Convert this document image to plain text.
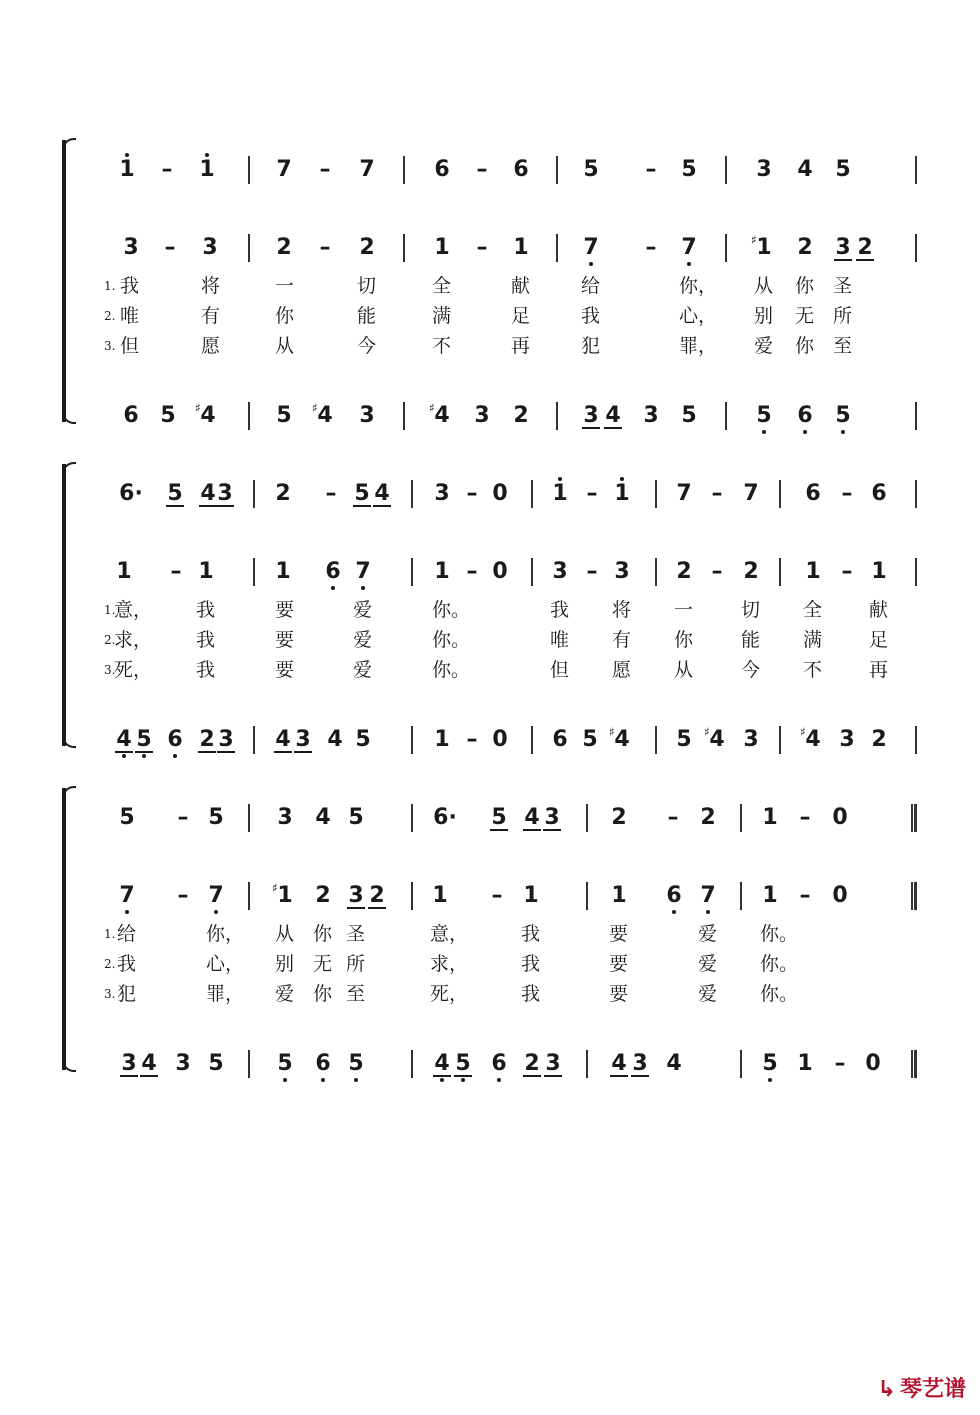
1	–	1	7	–	7	6	–	6 5	–	5	3 4 5
3	–	3	2	–	2	1	–	1 7	–	7	1 2 3 2
1. 我	将	一	切	全	献	给	你， 从 你 圣
2. 唯	有	你	能	满	足	我	心， 别 无 所
3. 但	愿	从	今	不	再	犯	罪， 爱 你 至
6 5 4	5 4 3	4 3 2 3 4 3 5	5 6 5
♯
♯	♯	♯
6· 5 4 3 2	– 5 4 3 – 0 1 – 1 7 – 7 6 – 6
1	– 1	1 6 7	1 – 0 3 – 3 2 – 2 1 – 1
1.
意， 我	要	爱	你。	我 将 一	切 全 献
2.
求， 我	要	爱	你。	唯 有 你	能 满 足
3.
死， 我	要	爱	你。	但 愿 从	今 不 再
4 5 6 2 3 4 3 4 5	1 – 0 6 5 4 5 4 3 4 3 2
♯	♯	♯
5	– 5 3 4 5	6· 5 4 3 2	– 2 1 – 0
7	– 7 1 2 3 2 1	– 1	1 6 7 1 – 0
1. 给	你， 从 你 圣	意，	我	要	爱 你。
2. 我	心， 别 无 所	求，	我	要	爱 你。
3. 犯	罪， 爱 你 至	死，	我	要	爱 你。
3 4 3 5 5 6 5	4 5 6 2 3 4 3 4	5 1 – 0
♯
↳ 琴艺谱
